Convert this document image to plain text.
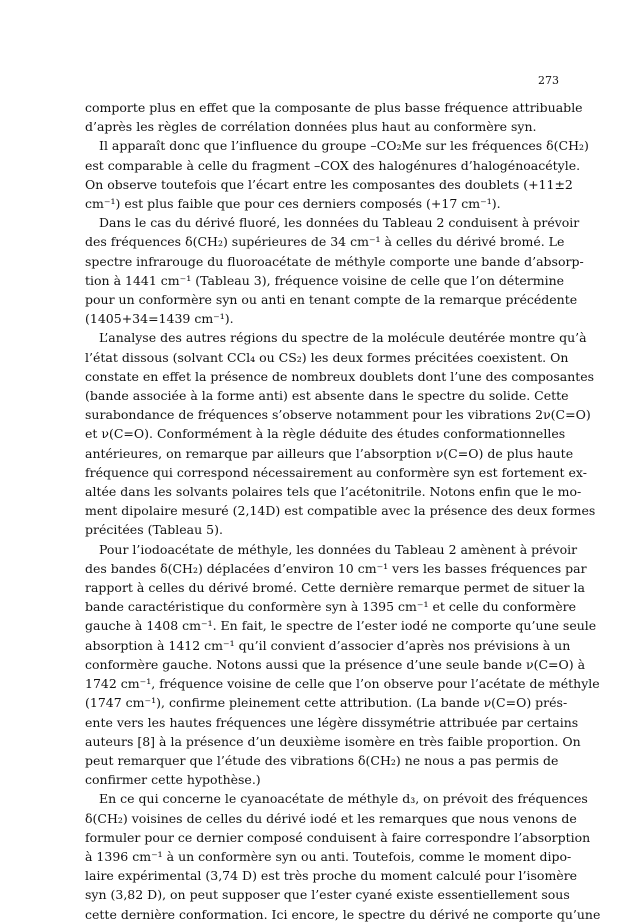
273
comporte plus en effet que la composante de plus basse fréquence attribuable
d’après les règles de corrélation données plus haut au conformère syn.
Il apparaît donc que l’influence du groupe –CO₂Me sur les fréquences δ(CH₂)
est comparable à celle du fragment –COX des halogénures d’halogénoacétyle.
On observe toutefois que l’écart entre les composantes des doublets (+11±2
cm⁻¹) est plus faible que pour ces derniers composés (+17 cm⁻¹).
Dans le cas du dérivé fluoré, les données du Tableau 2 conduisent à prévoir
des fréquences δ(CH₂) supérieures de 34 cm⁻¹ à celles du dérivé bromé. Le
spectre infrarouge du fluoroacétate de méthyle comporte une bande d’absorp-
tion à 1441 cm⁻¹ (Tableau 3), fréquence voisine de celle que l’on détermine
pour un conformère syn ou anti en tenant compte de la remarque précédente
(1405+34=1439 cm⁻¹).
L’analyse des autres régions du spectre de la molécule deutérée montre qu’à
l’état dissous (solvant CCl₄ ou CS₂) les deux formes précitées coexistent. On
constate en effet la présence de nombreux doublets dont l’une des composantes
(bande associée à la forme anti) est absente dans le spectre du solide. Cette
surabondance de fréquences s’observe notamment pour les vibrations 2ν(C=O)
et ν(C=O). Conformément à la règle déduite des études conformationnelles
antérieures, on remarque par ailleurs que l’absorption ν(C=O) de plus haute
fréquence qui correspond nécessairement au conformère syn est fortement ex-
altée dans les solvants polaires tels que l’acétonitrile. Notons enfin que le mo-
ment dipolaire mesuré (2,14D) est compatible avec la présence des deux formes
précitées (Tableau 5).
Pour l’iodoacétate de méthyle, les données du Tableau 2 amènent à prévoir
des bandes δ(CH₂) déplacées d’environ 10 cm⁻¹ vers les basses fréquences par
rapport à celles du dérivé bromé. Cette dernière remarque permet de situer la
bande caractéristique du conformère syn à 1395 cm⁻¹ et celle du conformère
gauche à 1408 cm⁻¹. En fait, le spectre de l’ester iodé ne comporte qu’une seule
absorption à 1412 cm⁻¹ qu’il convient d’associer d’après nos prévisions à un
conformère gauche. Notons aussi que la présence d’une seule bande ν(C=O) à
1742 cm⁻¹, fréquence voisine de celle que l’on observe pour l’acétate de méthyle
(1747 cm⁻¹), confirme pleinement cette attribution. (La bande ν(C=O) prés-
ente vers les hautes fréquences une légère dissymétrie attribuée par certains
auteurs [8] à la présence d’un deuxième isomère en très faible proportion. On
peut remarquer que l’étude des vibrations δ(CH₂) ne nous a pas permis de
confirmer cette hypothèse.)
En ce qui concerne le cyanoacétate de méthyle d₃, on prévoit des fréquences
δ(CH₂) voisines de celles du dérivé iodé et les remarques que nous venons de
formuler pour ce dernier composé conduisent à faire correspondre l’absorption
à 1396 cm⁻¹ à un conformère syn ou anti. Toutefois, comme le moment dipo-
laire expérimental (3,74 D) est très proche du moment calculé pour l’isomère
syn (3,82 D), on peut supposer que l’ester cyané existe essentiellement sous
cette dernière conformation. Ici encore, le spectre du dérivé ne comporte qu’une
